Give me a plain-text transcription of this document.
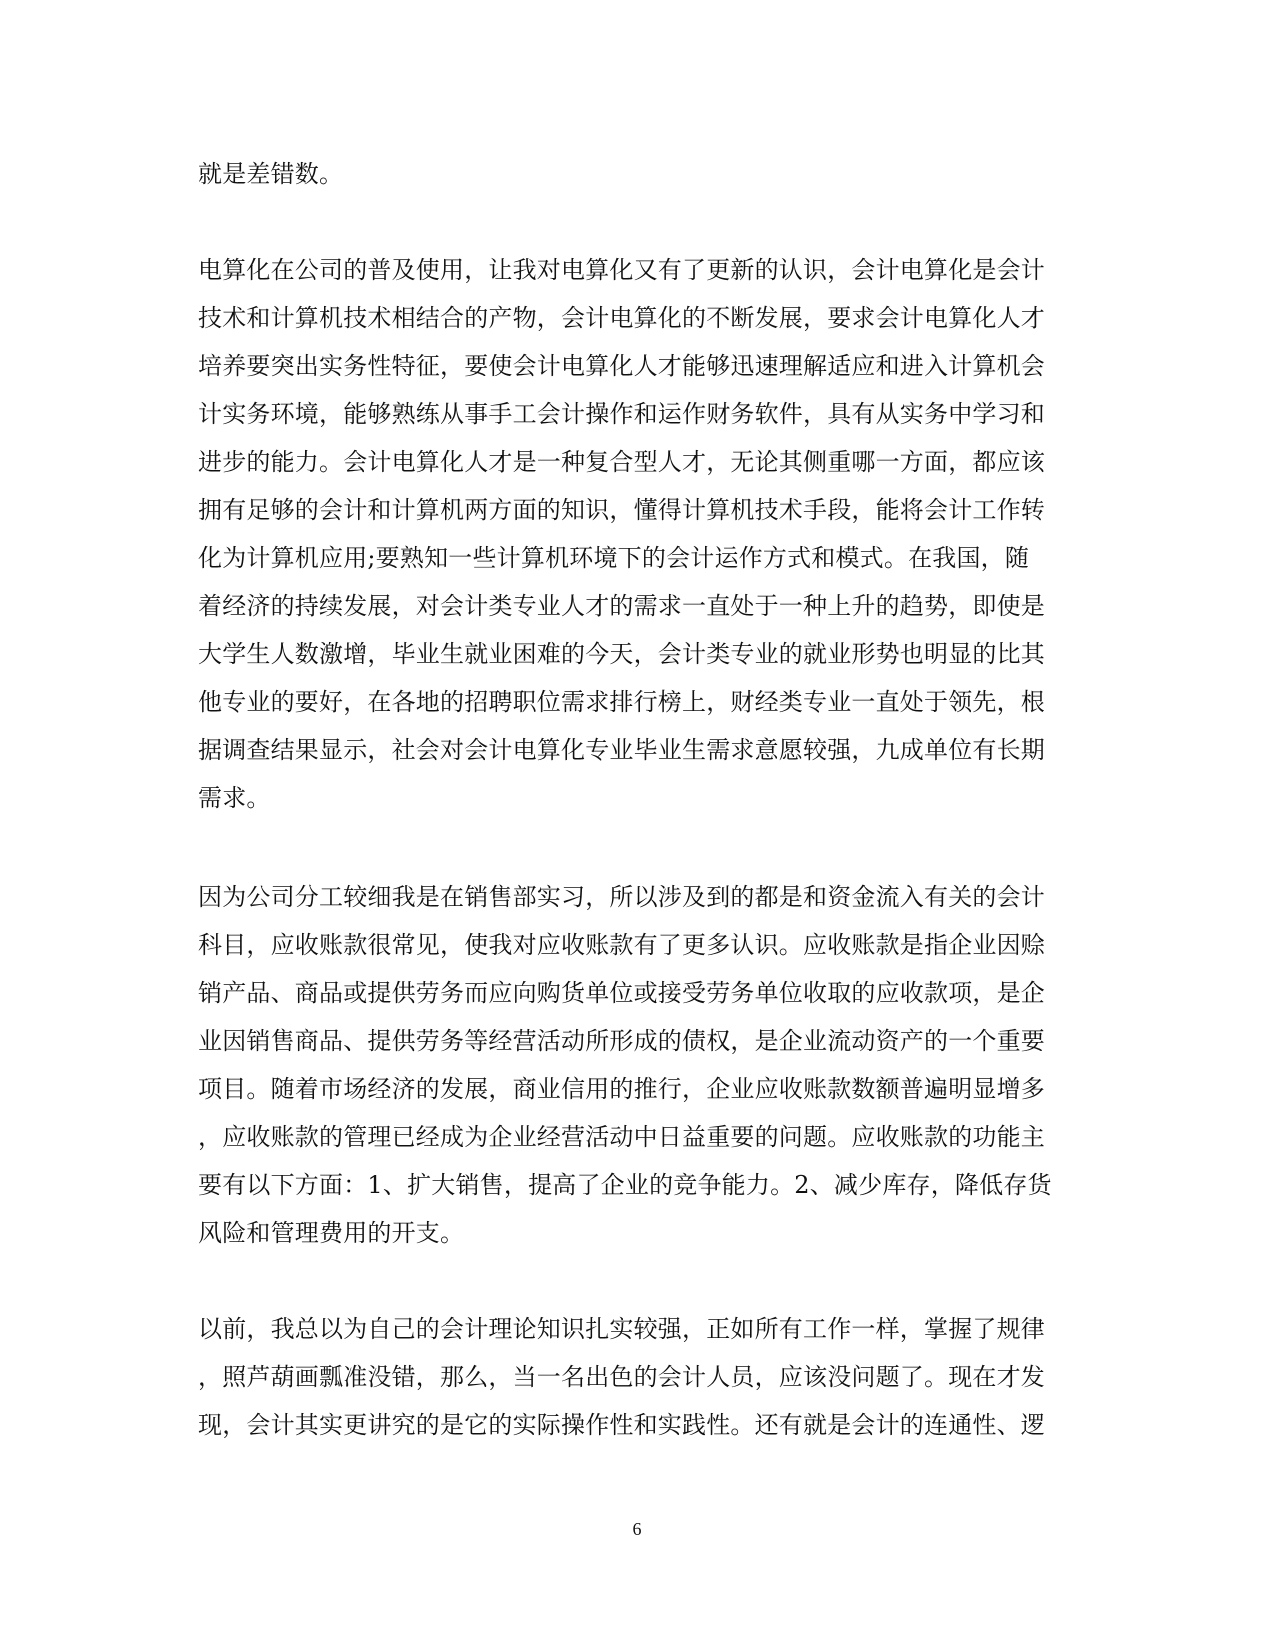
就是差错数。
电算化在公司的普及使用，让我对电算化又有了更新的认识，会计电算化是会计
技术和计算机技术相结合的产物，会计电算化的不断发展，要求会计电算化人才
培养要突出实务性特征，要使会计电算化人才能够迅速理解适应和进入计算机会
计实务环境，能够熟练从事手工会计操作和运作财务软件，具有从实务中学习和
进步的能力。会计电算化人才是一种复合型人才，无论其侧重哪一方面，都应该
拥有足够的会计和计算机两方面的知识，懂得计算机技术手段，能将会计工作转
化为计算机应用;要熟知一些计算机环境下的会计运作方式和模式。在我国，随
着经济的持续发展，对会计类专业人才的需求一直处于一种上升的趋势，即使是
大学生人数激增，毕业生就业困难的今天，会计类专业的就业形势也明显的比其
他专业的要好，在各地的招聘职位需求排行榜上，财经类专业一直处于领先，根
据调查结果显示，社会对会计电算化专业毕业生需求意愿较强，九成单位有长期
需求。
因为公司分工较细我是在销售部实习，所以涉及到的都是和资金流入有关的会计
科目，应收账款很常见，使我对应收账款有了更多认识。应收账款是指企业因赊
销产品、商品或提供劳务而应向购货单位或接受劳务单位收取的应收款项，是企
业因销售商品、提供劳务等经营活动所形成的债权，是企业流动资产的一个重要
项目。随着市场经济的发展，商业信用的推行，企业应收账款数额普遍明显增多
，应收账款的管理已经成为企业经营活动中日益重要的问题。应收账款的功能主
要有以下方面：1、扩大销售，提高了企业的竞争能力。2、减少库存，降低存货
风险和管理费用的开支。
以前，我总以为自己的会计理论知识扎实较强，正如所有工作一样，掌握了规律
，照芦葫画瓢准没错，那么，当一名出色的会计人员，应该没问题了。现在才发
现，会计其实更讲究的是它的实际操作性和实践性。还有就是会计的连通性、逻
6
